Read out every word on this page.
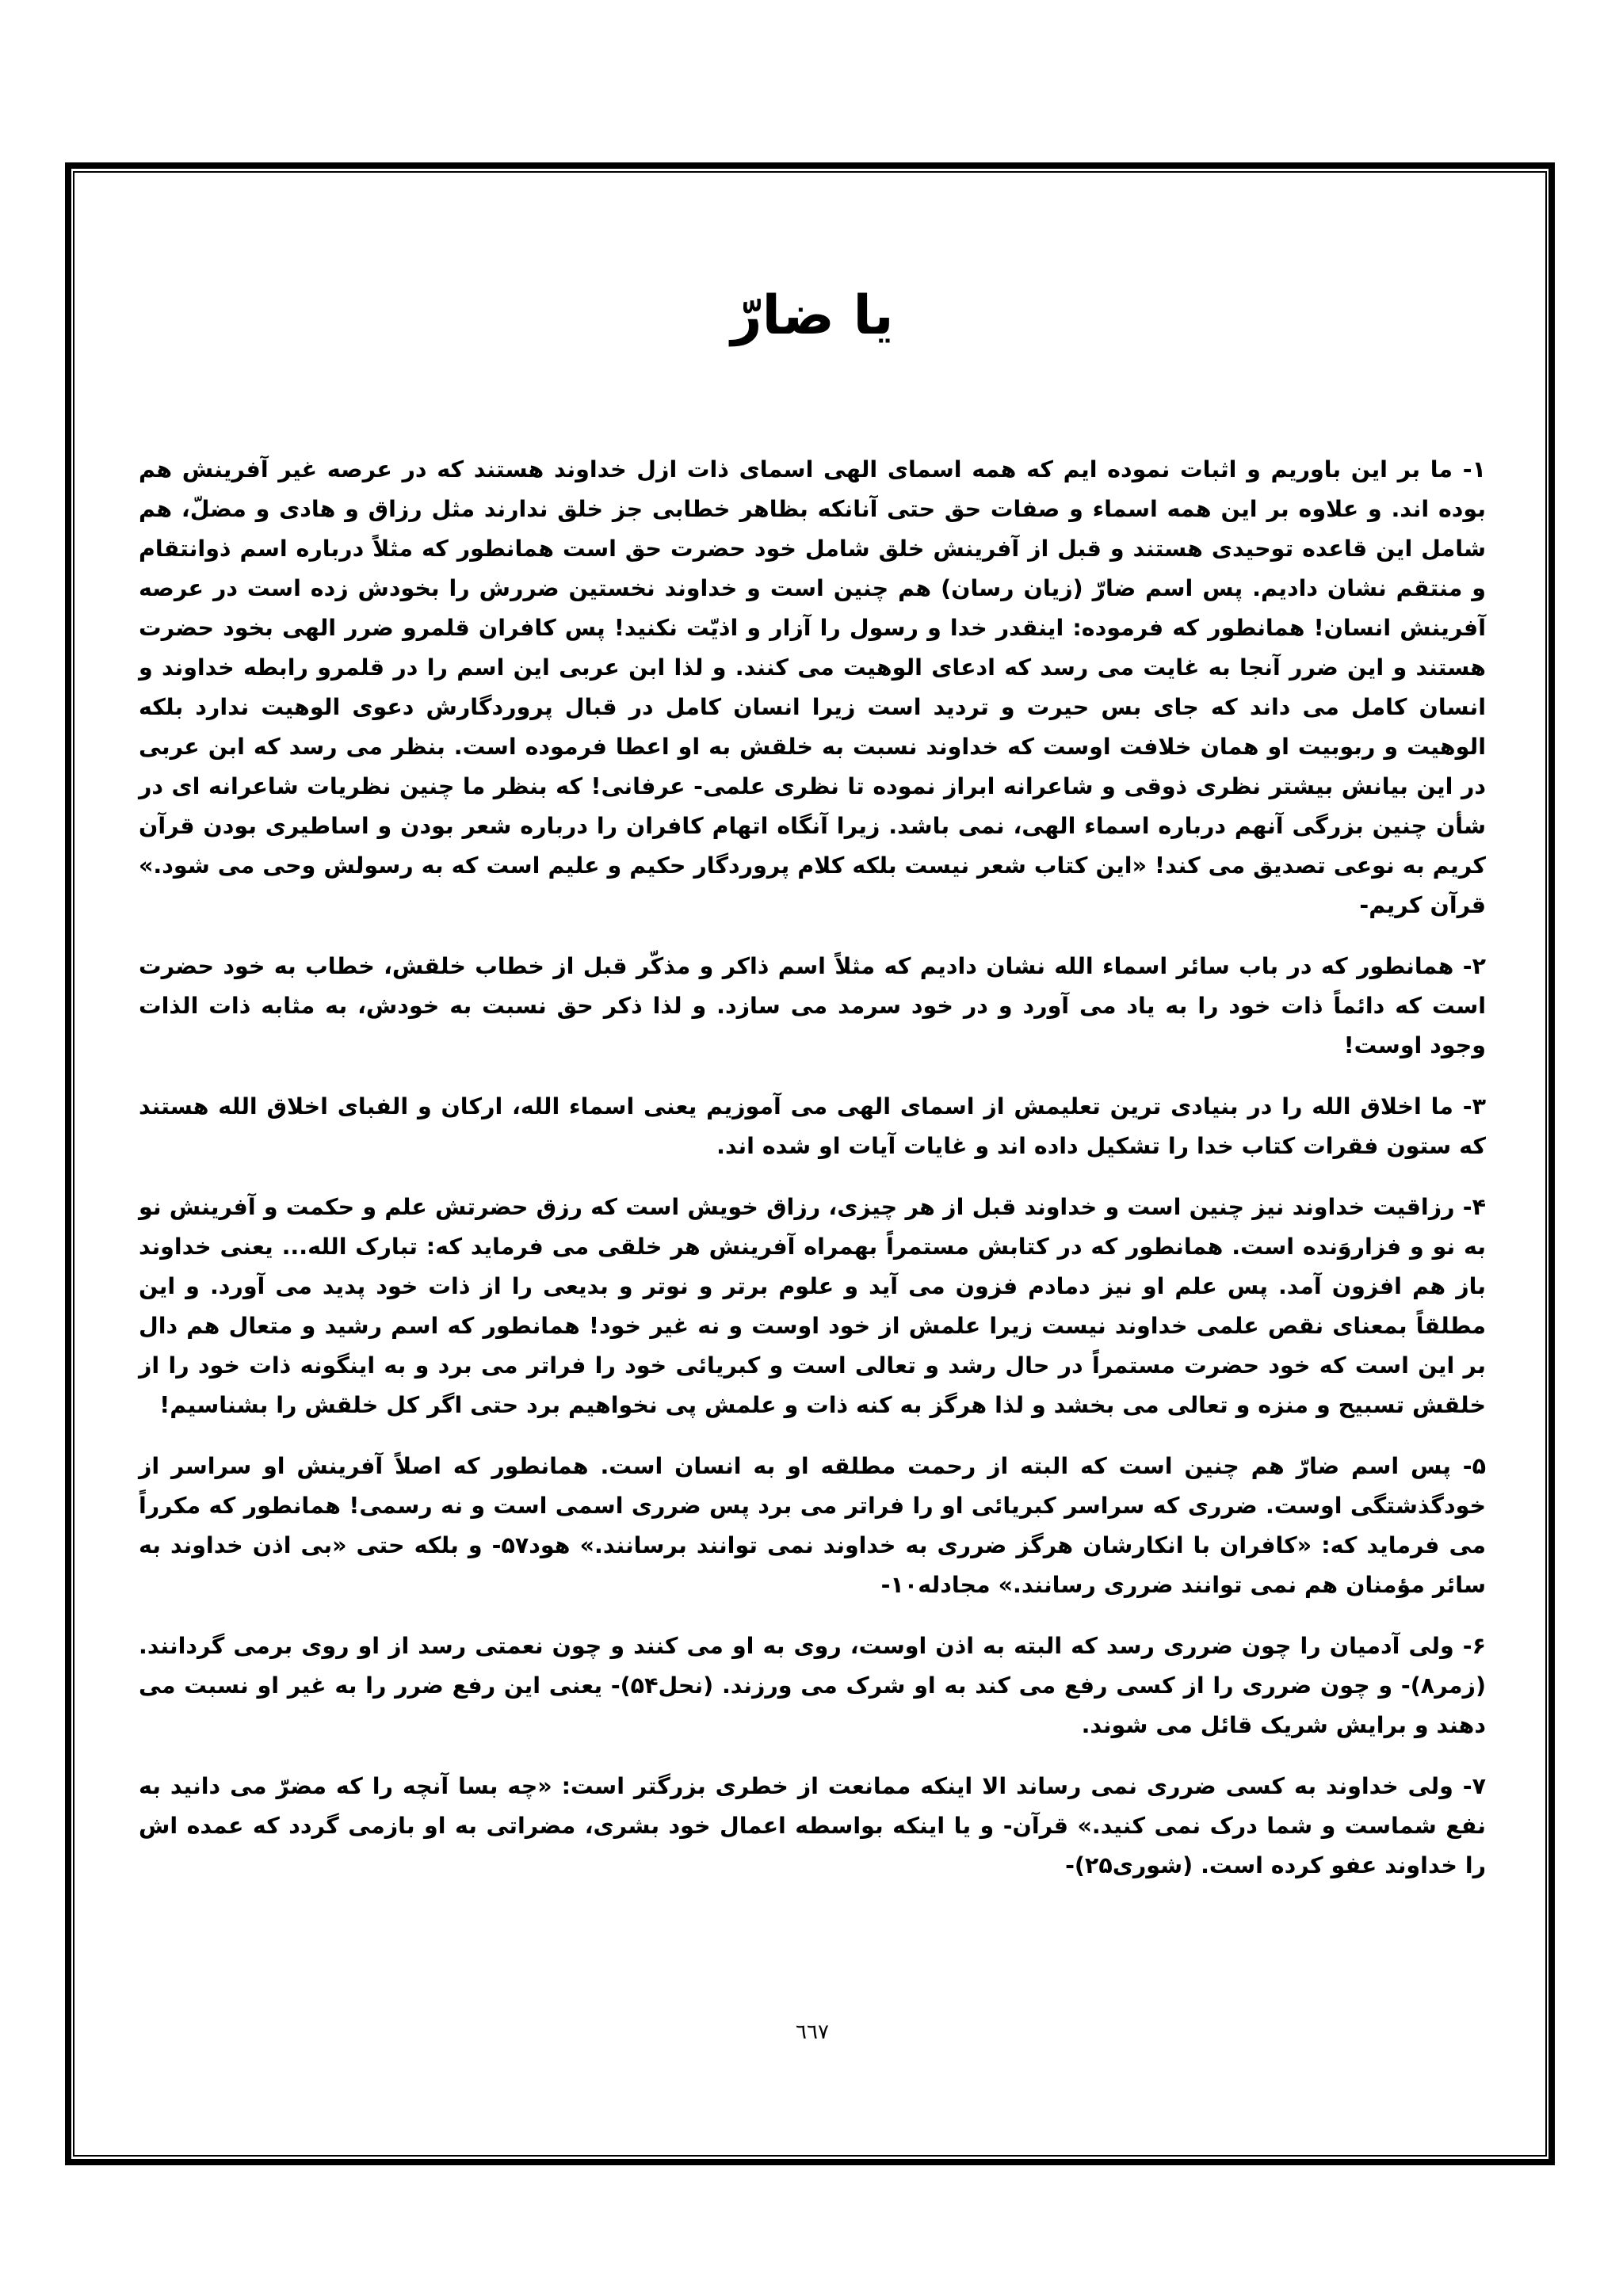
یا ضارّ

۱- ما بر این باوریم و اثبات نموده ایم که همه اسمای الهی اسمای ذات ازل خداوند هستند که در عرصه غیر آفرینش هم بوده اند. و علاوه بر این همه اسماء و صفات حق حتی آنانکه بظاهر خطابی جز خلق ندارند مثل رزاق و هادی و مضلّ، هم شامل این قاعده توحیدی هستند و قبل از آفرینش خلق شامل خود حضرت حق است همانطور که مثلاً درباره اسم ذوانتقام و منتقم نشان دادیم. پس اسم ضارّ (زیان رسان) هم چنین است و خداوند نخستین ضررش را بخودش زده است در عرصه آفرینش انسان! همانطور که فرموده: اینقدر خدا و رسول را آزار و اذیّت نکنید! پس کافران قلمرو ضرر الهی بخود حضرت هستند و این ضرر آنجا به غایت می رسد که ادعای الوهیت می کنند. و لذا ابن عربی این اسم را در قلمرو رابطه خداوند و انسان کامل می داند که جای بس حیرت و تردید است زیرا انسان کامل در قبال پروردگارش دعوی الوهیت ندارد بلکه الوهیت و ربوبیت او همان خلافت اوست که خداوند نسبت به خلقش به او اعطا فرموده است. بنظر می رسد که ابن عربی در این بیانش بیشتر نظری ذوقی و شاعرانه ابراز نموده تا نظری علمی- عرفانی! که بنظر ما چنین نظریات شاعرانه ای در شأن چنین بزرگی آنهم درباره اسماء الهی، نمی باشد. زیرا آنگاه اتهام کافران را درباره شعر بودن و اساطیری بودن قرآن کریم به نوعی تصدیق می کند! «این کتاب شعر نیست بلکه کلام پروردگار حکیم و علیم است که به رسولش وحی می شود.» قرآن کریم-

۲- همانطور که در باب سائر اسماء الله نشان دادیم که مثلاً اسم ذاکر و مذکّر قبل از خطاب خلقش، خطاب به خود حضرت است که دائماً ذات خود را به یاد می آورد و در خود سرمد می سازد. و لذا ذکر حق نسبت به خودش، به مثابه ذات الذات وجود اوست!

۳- ما اخلاق الله را در بنیادی ترین تعلیمش از اسمای الهی می آموزیم یعنی اسماء الله، ارکان و الفبای اخلاق الله هستند که ستون فقرات کتاب خدا را تشکیل داده اند و غایات آیات او شده اند.

۴- رزاقیت خداوند نیز چنین است و خداوند قبل از هر چیزی، رزاق خویش است که رزق حضرتش علم و حکمت و آفرینش نو به نو و فزاروَنده است. همانطور که در کتابش مستمراً بهمراه آفرینش هر خلقی می فرماید که: تبارک الله... یعنی خداوند باز هم افزون آمد. پس علم او نیز دمادم فزون می آید و علوم برتر و نوتر و بدیعی را از ذات خود پدید می آورد. و این مطلقاً بمعنای نقص علمی خداوند نیست زیرا علمش از خود اوست و نه غیر خود! همانطور که اسم رشید و متعال هم دال بر این است که خود حضرت مستمراً در حال رشد و تعالی است و کبریائی خود را فراتر می برد و به اینگونه ذات خود را از خلقش تسبیح و منزه و تعالی می بخشد و لذا هرگز به کنه ذات و علمش پی نخواهیم برد حتی اگر کل خلقش را بشناسیم!

۵- پس اسم ضارّ هم چنین است که البته از رحمت مطلقه او به انسان است. همانطور که اصلاً آفرینش او سراسر از خودگذشتگی اوست. ضرری که سراسر کبریائی او را فراتر می برد پس ضرری اسمی است و نه رسمی! همانطور که مکرراً می فرماید که: «کافران با انکارشان هرگز ضرری به خداوند نمی توانند برسانند.» هود۵۷- و بلکه حتی «بی اذن خداوند به سائر مؤمنان هم نمی توانند ضرری رسانند.» مجادله۱۰-

۶- ولی آدمیان را چون ضرری رسد که البته به اذن اوست، روی به او می کنند و چون نعمتی رسد از او روی برمی گردانند. (زمر۸)- و چون ضرری را از کسی رفع می کند به او شرک می ورزند. (نحل۵۴)- یعنی این رفع ضرر را به غیر او نسبت می دهند و برایش شریک قائل می شوند.

۷- ولی خداوند به کسی ضرری نمی رساند الا اینکه ممانعت از خطری بزرگتر است: «چه بسا آنچه را که مضرّ می دانید به نفع شماست و شما درک نمی کنید.» قرآن- و یا اینکه بواسطه اعمال خود بشری، مضراتی به او بازمی گردد که عمده اش را خداوند عفو کرده است. (شوری۲۵)-

٦٦٧
